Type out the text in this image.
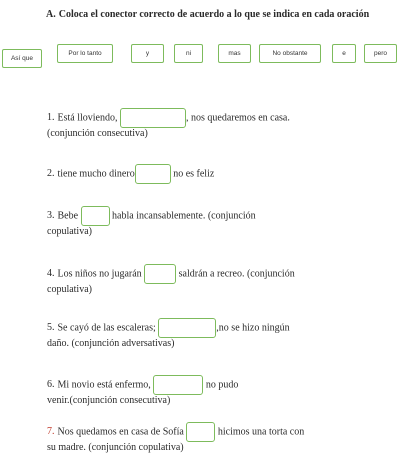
A. Coloca el conector correcto de acuerdo a lo que se indica en cada oración
Así que
Por lo tanto	y	ni	mas	No obstante	e	pero
1. Está lloviendo,	, nos quedaremos en casa.
(conjunción consecutiva)
2. tiene mucho dinero	no es feliz
3. Bebe	habla incansablemente. (conjunción
copulativa)
4. Los niños no jugarán	saldrán a recreo. (conjunción
copulativa)
5. Se cayó de las escaleras;	,no se hizo ningún
daño. (conjunción adversativas)
6. Mi novio está enfermo,	no pudo
venir.(conjunción consecutiva)
7. Nos quedamos en casa de Sofía	hicimos una torta con
su madre. (conjunción copulativa)
